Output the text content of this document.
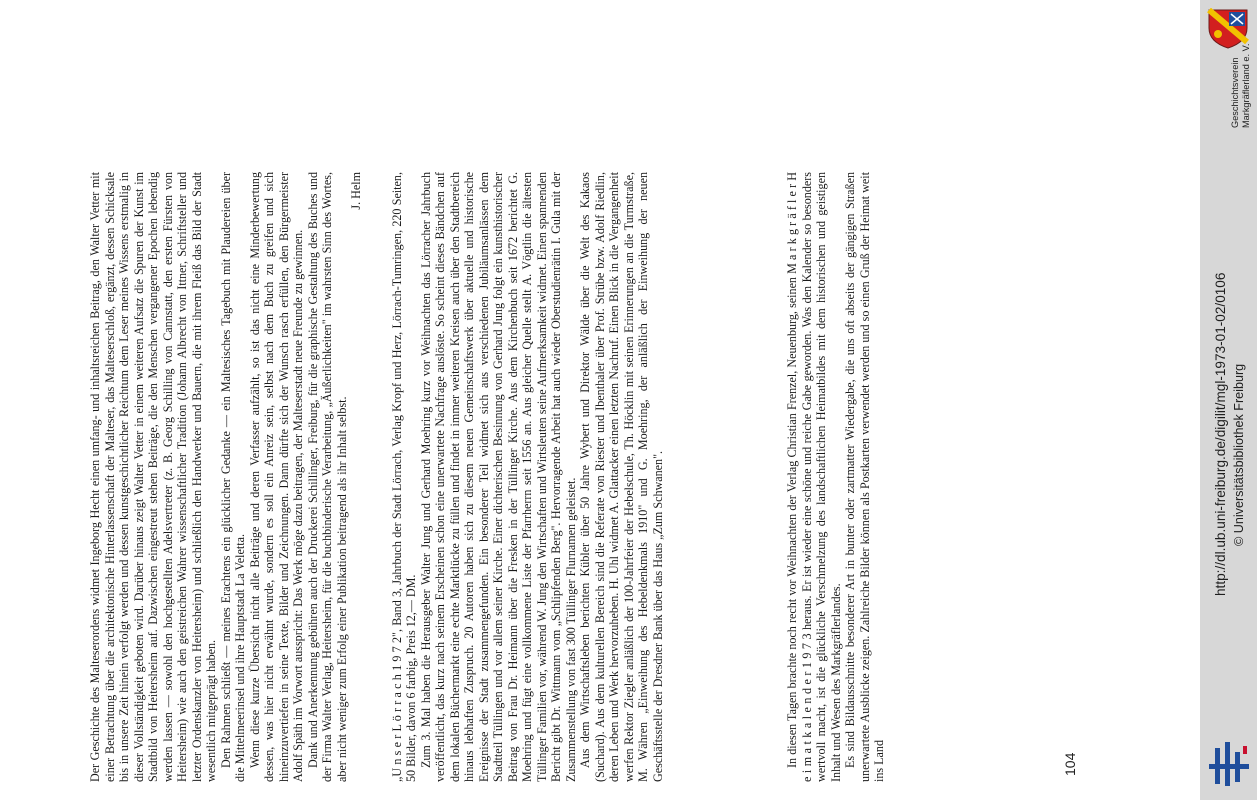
Der Geschichte des Malteserordens widmet Ingeborg Hecht einen umfang- und inhaltsreichen Beitrag, den Walter Vetter mit einer Betrachtung über die architektonische Hinterlassenschaft der Malteser, das Malteserschloß, ergänzt, dessen Schicksale bis in unsere Zeit hinein verfolgt werden und dessen kunstgeschichtlicher Reichtum dem Leser meines Wissens erstmalig in dieser Vollständigkeit geboten wird. Darüber hinaus zeigt Walter Vetter in einem weiteren Aufsatz die Spuren der Kunst im Stadtbild von Heitersheim auf. Dazwischen eingestreut stehen Beiträge, die den Menschen vergangener Epochen lebendig werden lassen — sowohl den hochgestellten Adelsvertreter (z. B. Georg Schilling von Cannstatt, den ersten Fürsten von Heitersheim) wie auch den geistreichen Wahrer wissenschaftlicher Tradition (Johann Albrecht von Ittner, Schriftsteller und letzter Ordenskanzler von Heitersheim) und schließlich den Handwerker und Bauern, die mit ihrem Fleiß das Bild der Stadt wesentlich mitgeprägt haben. Den Rahmen schließt — meines Erachtens ein glücklicher Gedanke — ein Maltesisches Tagebuch mit Plaudereien über die Mittelmeerinsel und ihre Hauptstadt La Veletta. Wenn diese kurze Übersicht nicht alle Beiträge und deren Verfasser aufzählt, so ist das nicht eine Minderbewertung dessen, was hier nicht erwähnt wurde, sondern es soll ein Anreiz sein, selbst nach dem Buch zu greifen und sich hineinzuvertiefen in seine Texte, Bilder und Zeichnungen. Dann dürfte sich der Wunsch rasch erfüllen, den Bürgermeister Adolf Späth im Vorwort ausspricht: Das Werk möge dazu beitragen, der Malteserstadt neue Freunde zu gewinnen. Dank und Anerkennung gebühren auch der Druckerei Schillinger, Freiburg, für die graphische Gestaltung des Buches und der Firma Walter Verlag, Heitersheim, für die buchbinderische Verarbeitung, „Äußerlichkeiten" im wahrsten Sinn des Wortes, aber nicht weniger zum Erfolg einer Publikation beitragend als ihr Inhalt selbst.

J. Helm „U n s e r L ö r r a c h 1 9 7 2", Band 3, Jahrbuch der Stadt Lörrach, Verlag Kropf und Herz, Lörrach-Tumringen, 220 Seiten, 50 Bilder, davon 6 farbig, Preis 12,— DM. Zum 3. Mal haben die Herausgeber Walter Jung und Gerhard Moehring kurz vor Weihnachten das Lörracher Jahrbuch veröffentlicht, das kurz nach seinem Erscheinen schon eine unerwartete Nachfrage auslöste. So scheint dieses Bändchen auf dem lokalen Büchermarkt eine echte Marktlücke zu füllen und findet in immer weiteren Kreisen auch über den Stadtbereich hinaus lebhaften Zuspruch. 20 Autoren haben sich zu diesem neuen Gemeinschaftswerk über aktuelle und historische Ereignisse der Stadt zusammengefunden. Ein besonderer Teil widmet sich aus verschiedenen Jubiläumsanlässen dem Stadtteil Tüllingen und vor allem seiner Kirche. Einer dichterischen Besinnung von Gerhard Jung folgt ein kunsthistorischer Beitrag von Frau Dr. Heimann über die Fresken in der Tüllinger Kirche. Aus dem Kirchenbuch seit 1672 berichtet G. Moehring und fügt eine vollkommene Liste der Pfarrherrn seit 1556 an. Aus gleicher Quelle stellt A. Vögtlin die ältesten Tüllinger Familien vor, während W. Jung den Wirtschaften und Wirtsleuten seine Aufmerksamkeit widmet. Einen spannenden Bericht gibt Dr. Wittmann vom „Schlipfenden Berg". Hervorragende Arbeit hat auch wieder Oberstudienrätin I. Gula mit der Zusammenstellung von fast 300 Tüllinger Flurnamen geleistet. Aus dem Wirtschaftsleben berichten Kübler über 50 Jahre Wybert und Direktor Wälde über die Welt des Kakaos (Suchard). Aus dem kulturellen Bereich sind die Referate von Riester und Ibenthaler über Prof. Strübe bzw. Adolf Riedlin, deren Leben und Werk hervorzuheben. H. Uhl widmet A. Glattacker einen letzten Nachruf. Einen Blick in die Vergangenheit werfen Rektor Ziegler anläßlich der 100-Jahrfeier der Hebelschule, Th. Höcklin mit seinen Erinnerungen an die Turmstraße, M. Währen „Einweihung des Hebeldenkmals 1910" und G. Moehring, der anläßlich der Einweihung der neuen Geschäftsstelle der Dresdner Bank über das Haus „Zum Schwanen".	In diesen Tagen brachte noch recht vor Weihnachten der Verlag Christian Frenzel, Neuenburg, seinen M a r k g r ä f l e r H e i m a t k a l e n d e r 1 9 7 3 heraus. Er ist wieder eine schöne und reiche Gabe geworden. Was den Kalender so besonders wertvoll macht, ist die glückliche Verschmelzung des landschaftlichen Heimatbildes mit dem historischen und geistigen Inhalt und Wesen des Markgräflerlandes. Es sind Bildausschnitte besonderer Art in bunter oder zartmatter Wiedergabe, die uns oft abseits der gängigen Straßen unerwartete Ausblicke zeigen. Zahlreiche Bilder können als Postkarten verwendet werden und so einen Gruß der Heimat weit ins Land	104
http://dl.ub.uni-freiburg.de/digilit/mgl-1973-01-02/0106 © Universitätsbibliothek Freiburg
Geschichtsverein Markgräflerland e. V.
